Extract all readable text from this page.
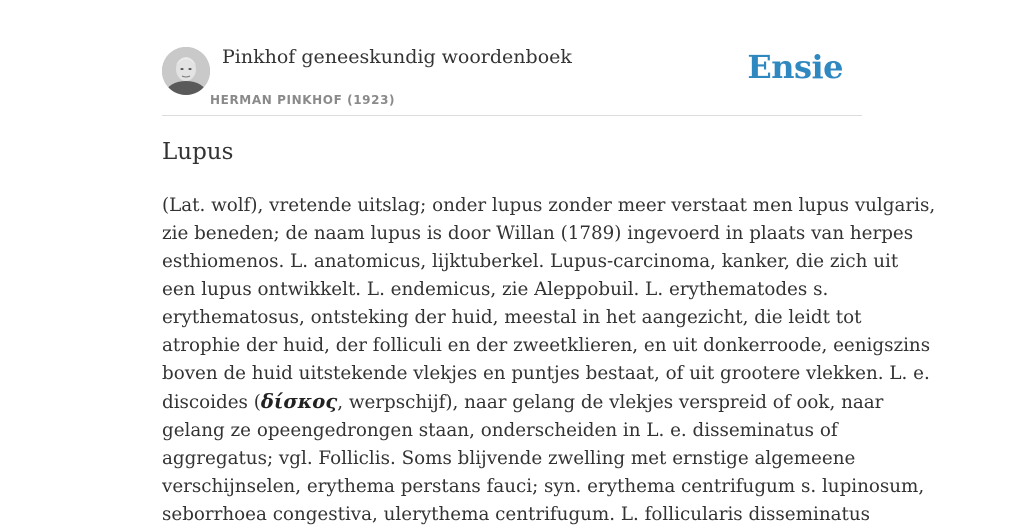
Pinkhof geneeskundig woordenboek
HERMAN PINKHOF (1923)
Ensie
Lupus
(Lat. wolf), vretende uitslag; onder lupus zonder meer verstaat men lupus vulgaris,
zie beneden; de naam lupus is door Willan (1789) ingevoerd in plaats van herpes
esthiomenos. L. anatomicus, lijktuberkel. Lupus-carcinoma, kanker, die zich uit
een lupus ontwikkelt. L. endemicus, zie Aleppobuil. L. erythematodes s.
erythematosus, ontsteking der huid, meestal in het aangezicht, die leidt tot
atrophie der huid, der folliculi en der zweetklieren, en uit donkerroode, eenigszins
boven de huid uitstekende vlekjes en puntjes bestaat, of uit grootere vlekken. L. e.
discoides (δίσκος, werpschijf), naar gelang de vlekjes verspreid of ook, naar
gelang ze opeengedrongen staan, onderscheiden in L. e. disseminatus of
aggregatus; vgl. Folliclis. Soms blijvende zwelling met ernstige algemeene
verschijnselen, erythema perstans fauci; syn. erythema centrifugum s. lupinosum,
seborrhoea congestiva, ulerythema centrifugum. L. follicularis disseminatus
